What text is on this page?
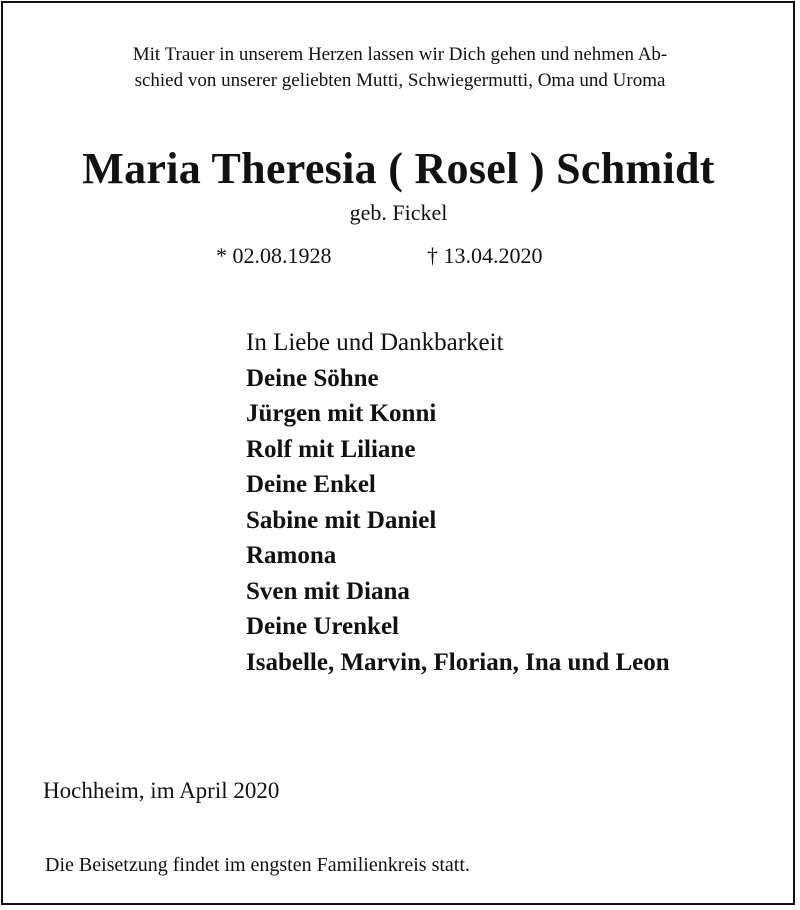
Mit Trauer in unserem Herzen lassen wir Dich gehen und nehmen Ab-
schied von unserer geliebten Mutti, Schwiegermutti, Oma und Uroma
Maria Theresia ( Rosel ) Schmidt
geb. Fickel
* 02.08.1928	† 13.04.2020
In Liebe und Dankbarkeit
Deine Söhne
Jürgen mit Konni
Rolf mit Liliane
Deine Enkel
Sabine mit Daniel
Ramona
Sven mit Diana
Deine Urenkel
Isabelle, Marvin, Florian, Ina und Leon
Hochheim, im April 2020
Die Beisetzung findet im engsten Familienkreis statt.
